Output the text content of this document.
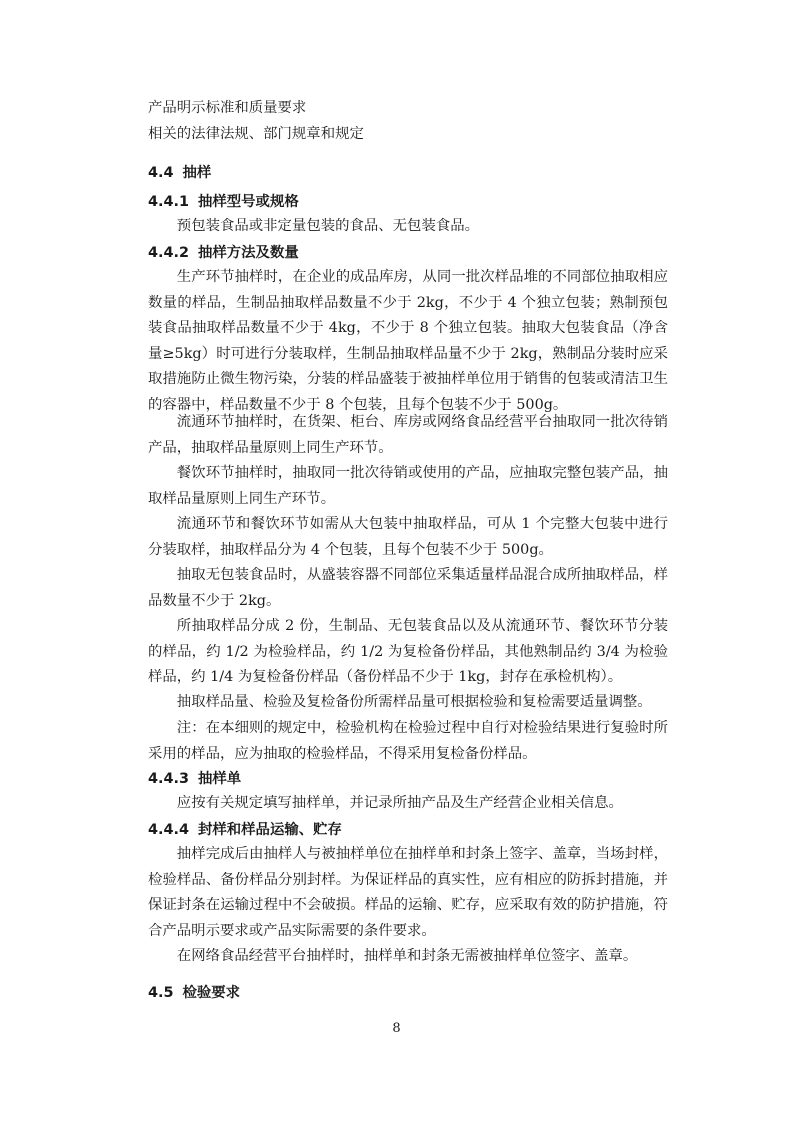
产品明示标准和质量要求
相关的法律法规、部门规章和规定
4.4 抽样
4.4.1 抽样型号或规格

预包装食品或非定量包装的食品、无包装食品。

4.4.2 抽样方法及数量

生产环节抽样时，在企业的成品库房，从同一批次样品堆的不同部位抽取相应数量的样品，生制品抽取样品数量不少于 2kg，不少于 4 个独立包装；熟制预包装食品抽取样品数量不少于 4kg，不少于 8 个独立包装。抽取大包装食品（净含量≥5kg）时可进行分装取样，生制品抽取样品量不少于 2kg，熟制品分装时应采取措施防止微生物污染，分装的样品盛装于被抽样单位用于销售的包装或清洁卫生的容器中，样品数量不少于 8 个包装，且每个包装不少于 500g。

流通环节抽样时，在货架、柜台、库房或网络食品经营平台抽取同一批次待销产品，抽取样品量原则上同生产环节。

餐饮环节抽样时，抽取同一批次待销或使用的产品，应抽取完整包装产品，抽取样品量原则上同生产环节。

流通环节和餐饮环节如需从大包装中抽取样品，可从 1 个完整大包装中进行分装取样，抽取样品分为 4 个包装，且每个包装不少于 500g。

抽取无包装食品时，从盛装容器不同部位采集适量样品混合成所抽取样品，样品数量不少于 2kg。

所抽取样品分成 2 份，生制品、无包装食品以及从流通环节、餐饮环节分装的样品，约 1/2 为检验样品，约 1/2 为复检备份样品，其他熟制品约 3/4 为检验样品，约 1/4 为复检备份样品（备份样品不少于 1kg，封存在承检机构）。

抽取样品量、检验及复检备份所需样品量可根据检验和复检需要适量调整。

注：在本细则的规定中，检验机构在检验过程中自行对检验结果进行复验时所采用的样品，应为抽取的检验样品，不得采用复检备份样品。

4.4.3 抽样单

应按有关规定填写抽样单，并记录所抽产品及生产经营企业相关信息。

4.4.4 封样和样品运输、贮存

抽样完成后由抽样人与被抽样单位在抽样单和封条上签字、盖章，当场封样，检验样品、备份样品分别封样。为保证样品的真实性，应有相应的防拆封措施，并保证封条在运输过程中不会破损。样品的运输、贮存，应采取有效的防护措施，符合产品明示要求或产品实际需要的条件要求。

在网络食品经营平台抽样时，抽样单和封条无需被抽样单位签字、盖章。

4.5 检验要求
8
